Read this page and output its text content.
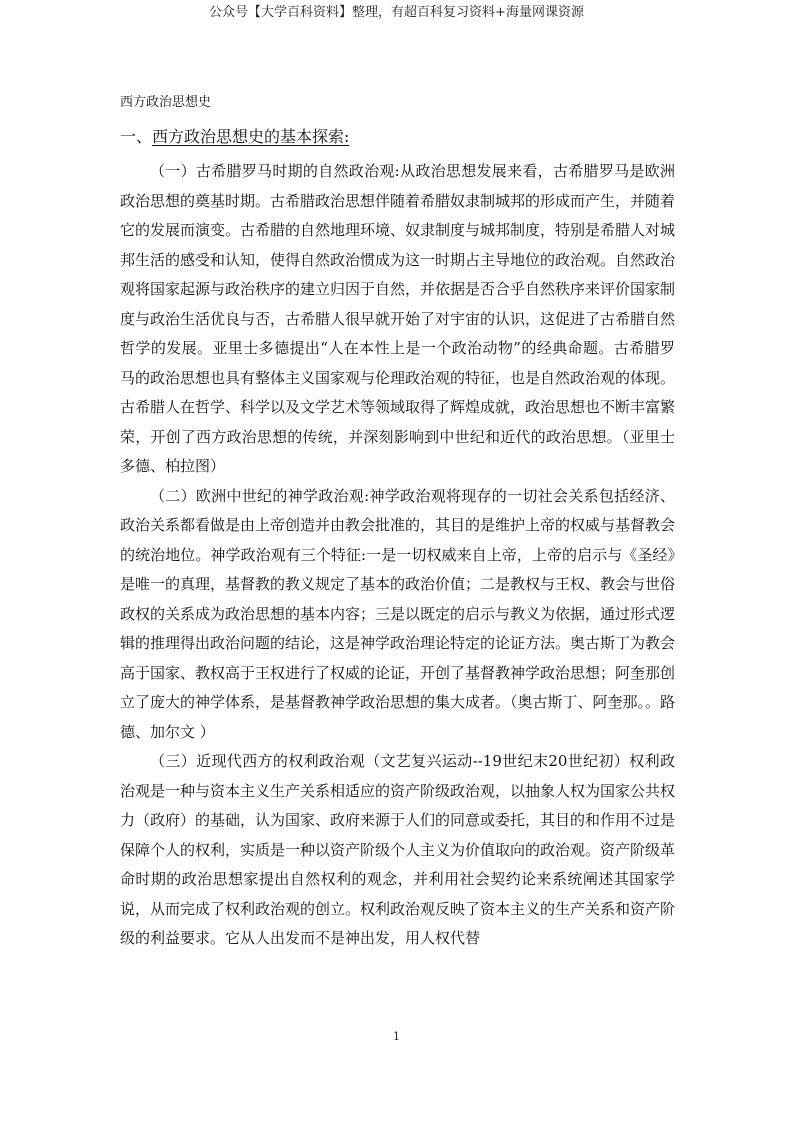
公众号【大学百科资料】整理，有超百科复习资料+海量网课资源
西方政治思想史
一、西方政治思想史的基本探索:

（一）古希腊罗马时期的自然政治观:从政治思想发展来看，古希腊罗马是欧洲政治思想的奠基时期。古希腊政治思想伴随着希腊奴隶制城邦的形成而产生，并随着它的发展而演变。古希腊的自然地理环境、奴隶制度与城邦制度，特别是希腊人对城邦生活的感受和认知，使得自然政治惯成为这一时期占主导地位的政治观。自然政治观将国家起源与政治秩序的建立归因于自然，并依据是否合乎自然秩序来评价国家制度与政治生活优良与否，古希腊人很早就开始了对宇宙的认识，这促进了古希腊自然哲学的发展。亚里士多德提出“人在本性上是一个政治动物”的经典命题。古希腊罗马的政治思想也具有整体主义国家观与伦理政治观的特征，也是自然政治观的体现。古希腊人在哲学、科学以及文学艺术等领域取得了辉煌成就，政治思想也不断丰富繁荣，开创了西方政治思想的传统，并深刻影响到中世纪和近代的政治思想。（亚里士多德、柏拉图）

（二）欧洲中世纪的神学政治观:神学政治观将现存的一切社会关系包括经济、政治关系都看做是由上帝创造并由教会批准的，其目的是维护上帝的权威与基督教会的统治地位。神学政治观有三个特征:一是一切权威来自上帝，上帝的启示与《圣经》是唯一的真理，基督教的教义规定了基本的政治价值；二是教权与王权、教会与世俗政权的关系成为政治思想的基本内容；三是以既定的启示与教义为依据，通过形式逻辑的推理得出政治问题的结论，这是神学政治理论特定的论证方法。奥古斯丁为教会高于国家、教权高于王权进行了权威的论证，开创了基督教神学政治思想；阿奎那创立了庞大的神学体系，是基督教神学政治思想的集大成者。（奥古斯丁、阿奎那。。路德、加尔文 ）

（三）近现代西方的权利政治观（文艺复兴运动--19世纪末20世纪初）权利政治观是一种与资本主义生产关系相适应的资产阶级政治观，以抽象人权为国家公共权力（政府）的基础，认为国家、政府来源于人们的同意或委托，其目的和作用不过是保障个人的权利，实质是一种以资产阶级个人主义为价值取向的政治观。资产阶级革命时期的政治思想家提出自然权利的观念，并利用社会契约论来系统阐述其国家学说，从而完成了权利政治观的创立。权利政治观反映了资本主义的生产关系和资产阶级的利益要求。它从人出发而不是神出发，用人权代替

1
